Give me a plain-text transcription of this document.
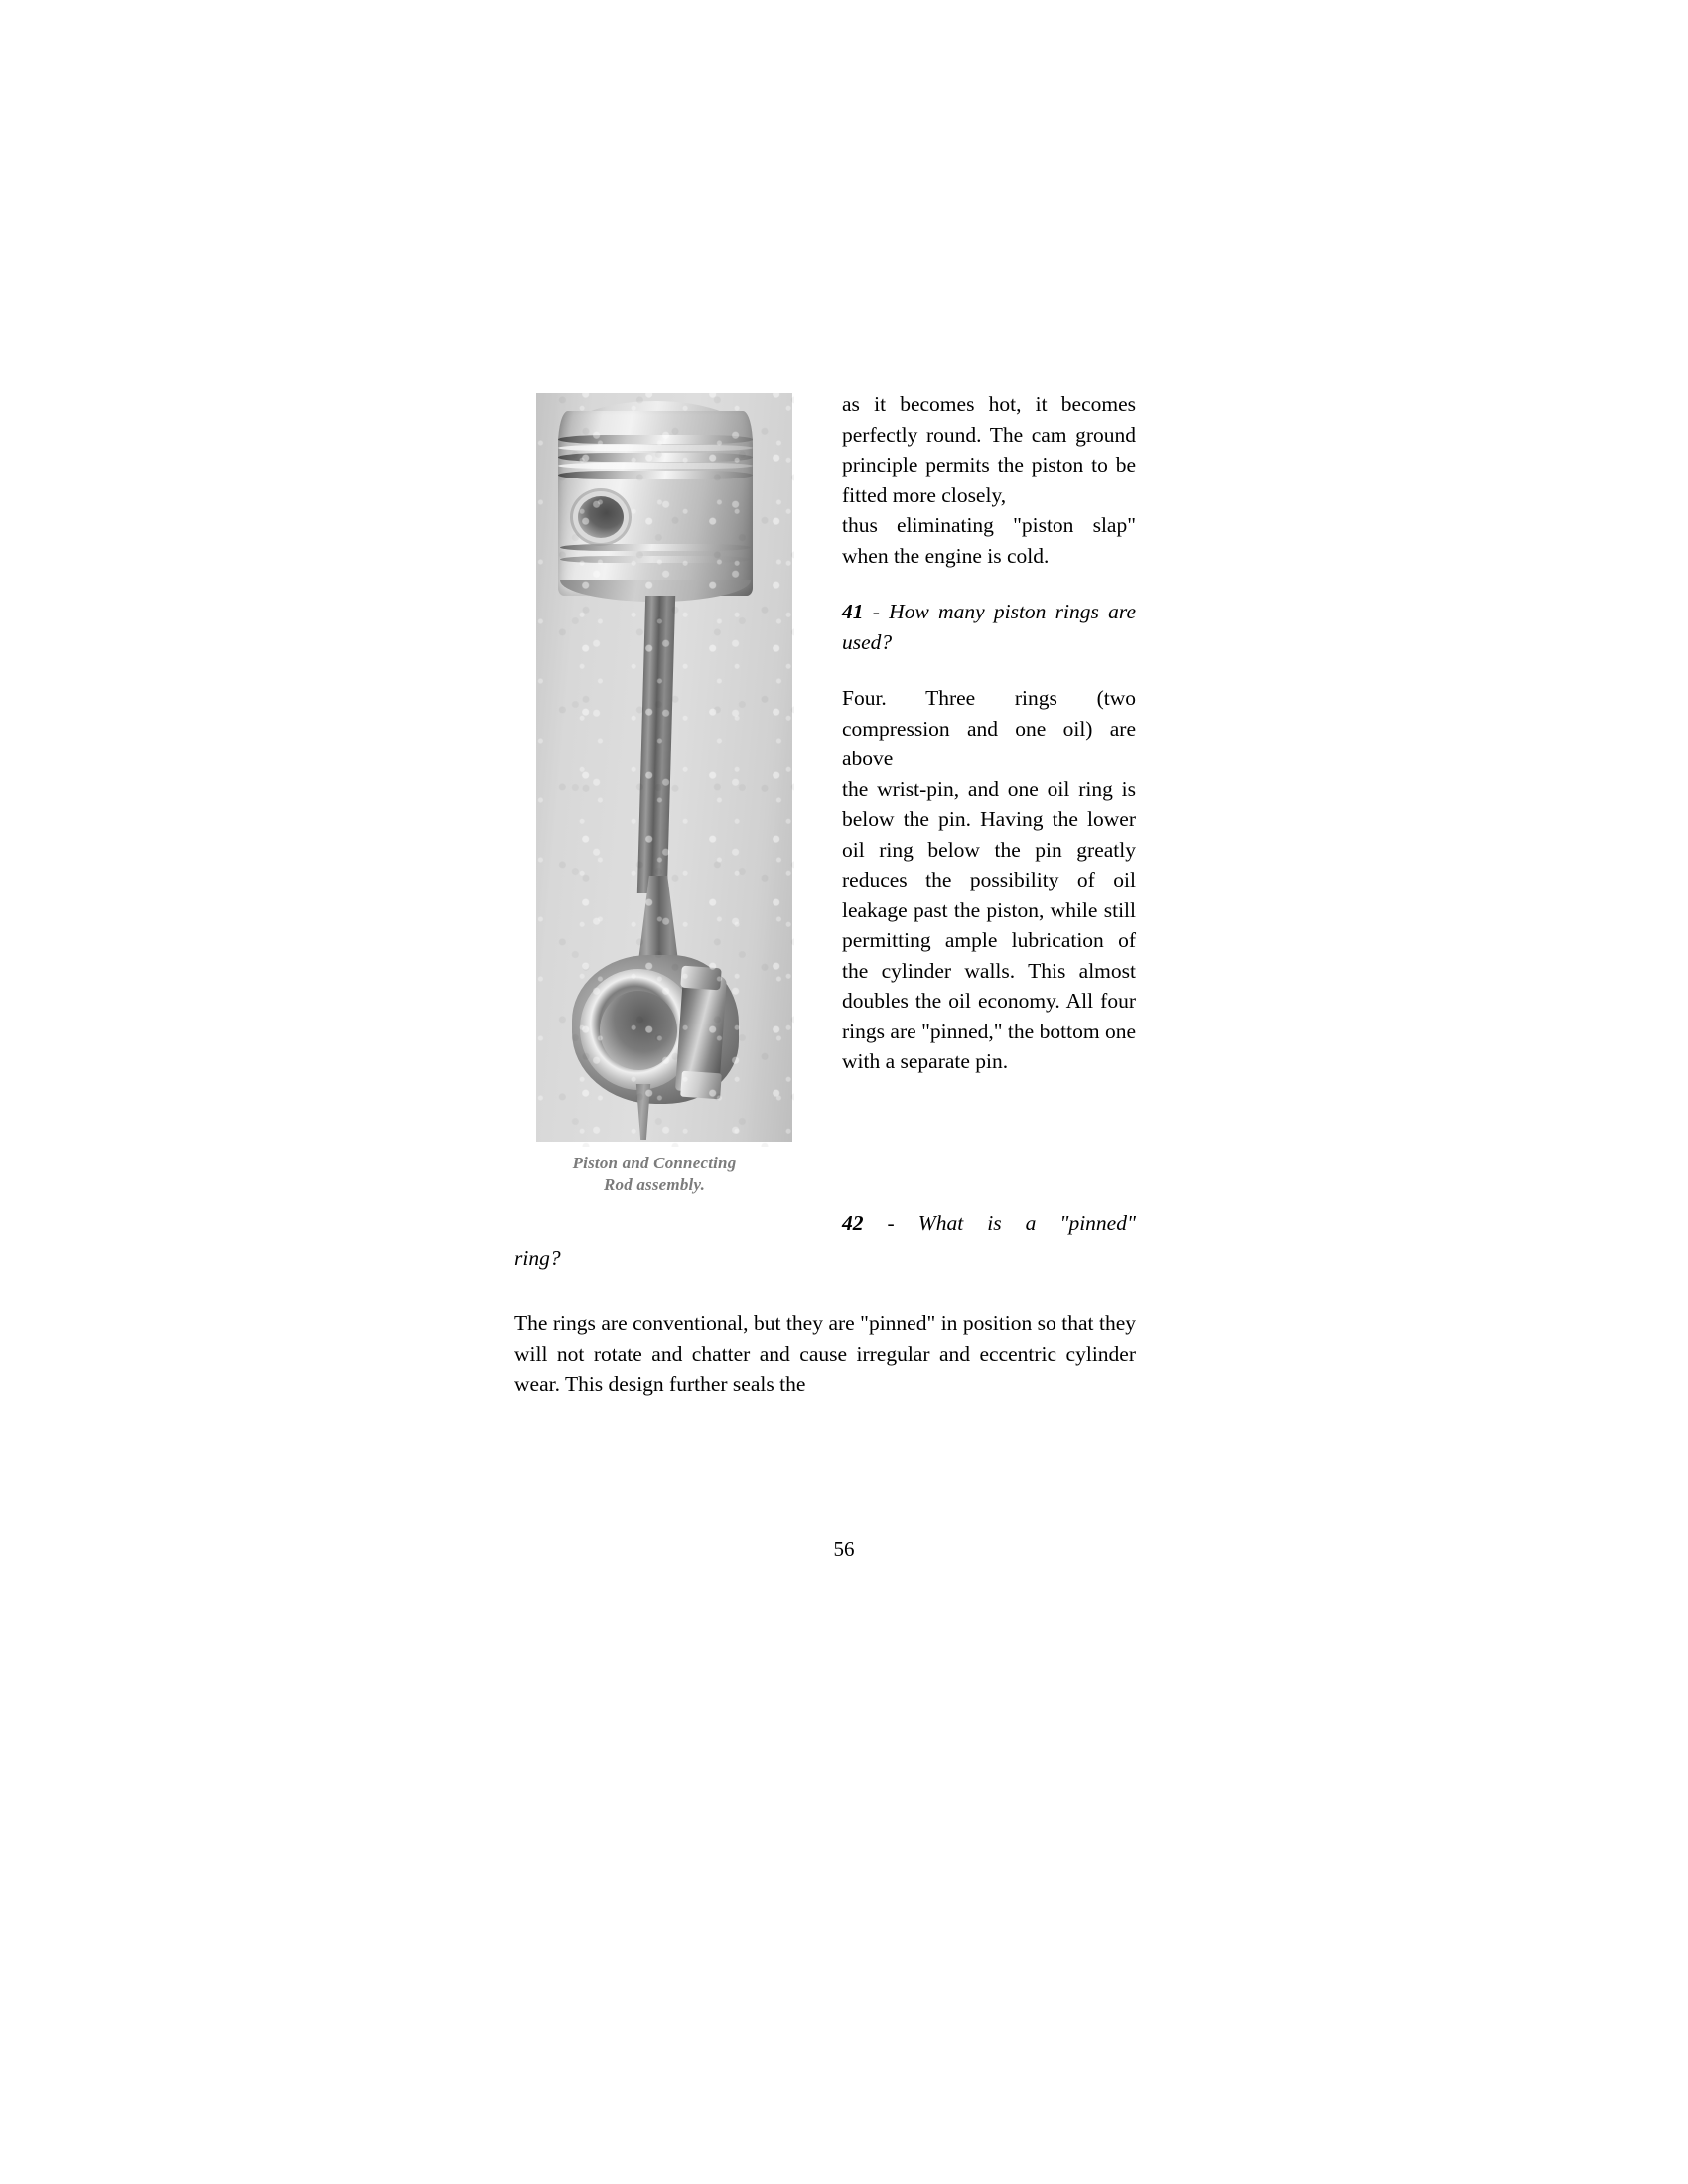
Piston and Connecting
Rod assembly.

as it becomes hot, it becomes perfectly round. The cam ground principle permits the piston to be fitted more closely,

thus eliminating "piston slap" when the engine is cold.

41 - How many piston rings are used?

Four. Three rings (two compression and one oil) are above

the wrist-pin, and one oil ring is below the pin. Having the lower oil ring below the pin greatly reduces the possibility of oil leakage past the piston, while still permitting ample lubrication of the cylinder walls. This almost doubles the oil economy. All four rings are "pinned," the bottom one with a separate pin.

42 - What is a "pinned"
ring?
The rings are conventional, but they are "pinned" in position so that they will not rotate and chatter and cause irregular and eccentric cylinder wear. This design further seals the
56
